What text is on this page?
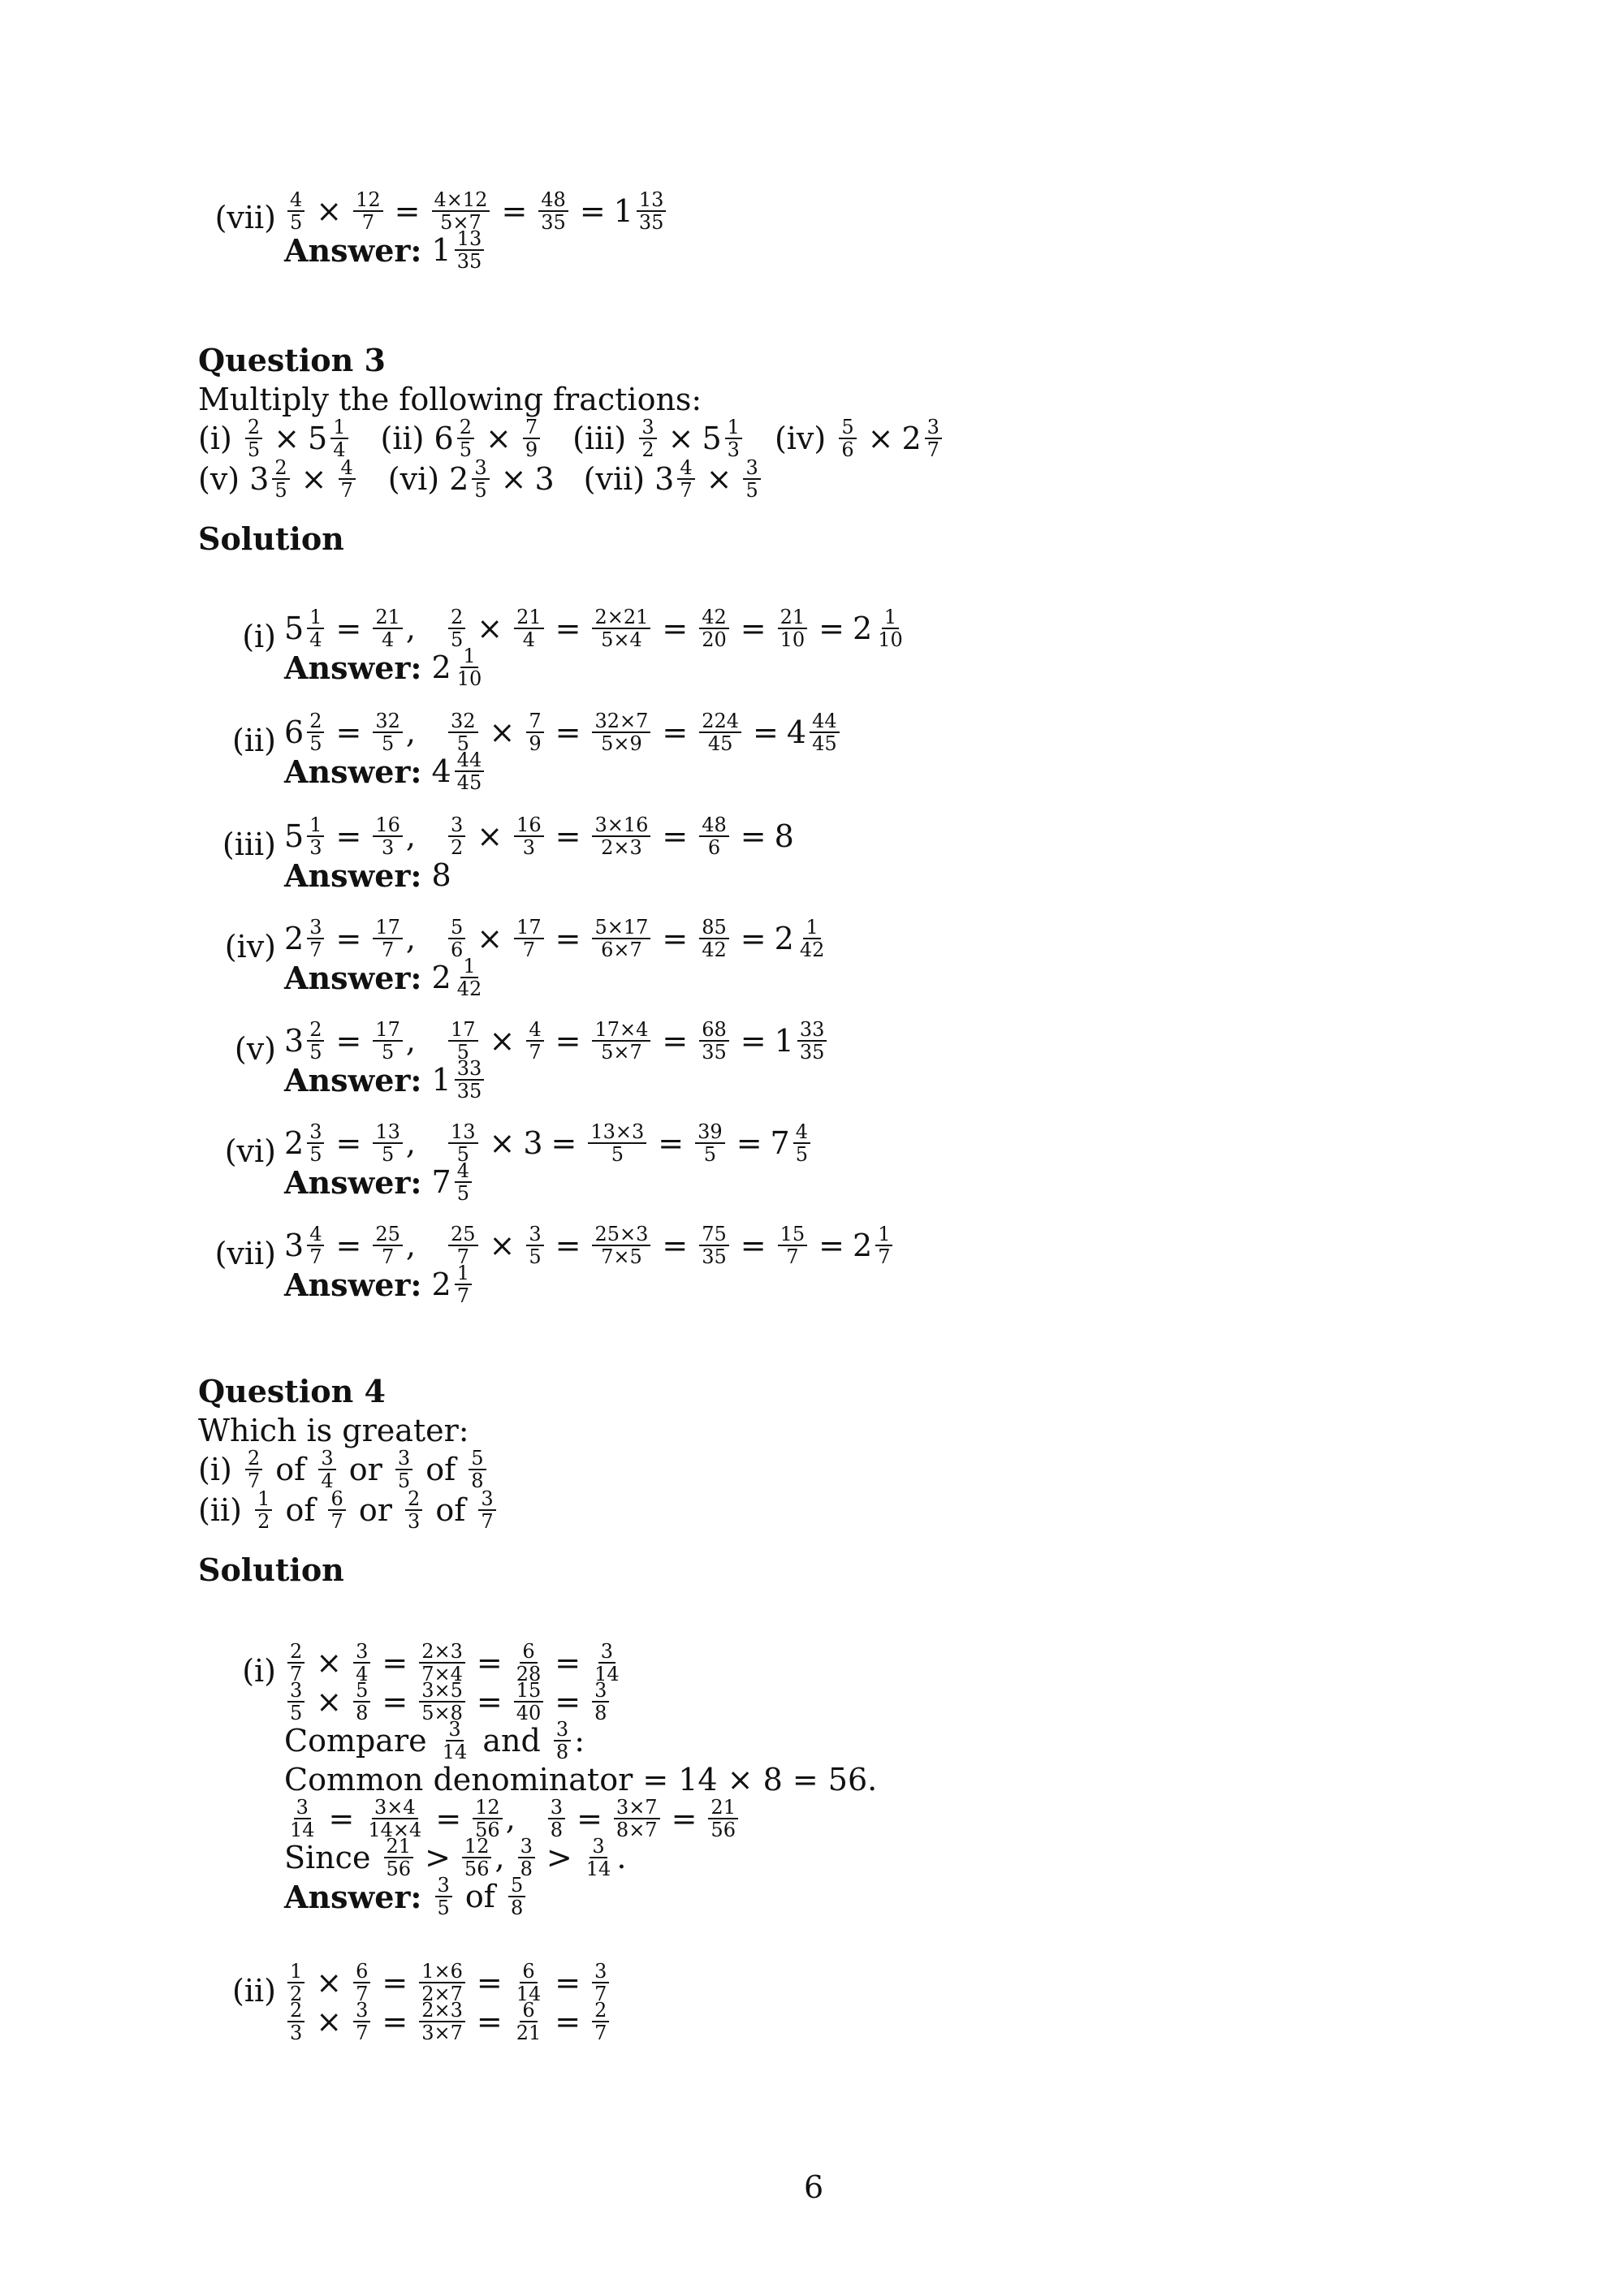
$(vii) \frac{4}{5} \times \frac{12}{7} = \frac{4\times 12}{5\times 7} = \frac{48}{35} = 1 \frac{13}{35}$
Answer:
$1 \frac{13}{35}$
Question 3
Multiply the following fractions:
(i)
$\frac{2}{5} \times 5 \frac{1}{4} (ii)$ $6 \frac{2}{5} \times \frac{7}{9} (iii)$
$\frac{3}{2} \times 5 \frac{1}{3} (iv)$
$\frac{5}{6} \times 2 \frac{3}{7}$
(v) $3 \frac{2}{5} \times \frac{4}{7} (vi)$ $2 \frac{3}{5} \times 3$ (vii) $3 \frac{4}{7} \times \frac{3}{5}$
Solution
(i) $5 \frac{1}{4} = \frac{21}{4}$ , $\frac{2}{5} \times \frac{21}{4} = \frac{2\times 21}{5\times 4} = \frac{42}{20} = \frac{21}{10} = 2 \frac{1}{10}$
Answer: $2 \frac{1}{10}$
(ii) $6 \frac{2}{5} = \frac{32}{5}$ , $\frac{32}{5} \times \frac{7}{9} = \frac{32\times 7}{5\times 9} = \frac{224}{45} = 4 \frac{44}{45}$
Answer: $4 \frac{44}{45}$
(iii) $5 \frac{1}{3} = \frac{16}{3}$ , $\frac{3}{2} \times \frac{16}{3} = \frac{3\times 16}{2\times 3} = \frac{48}{6} = 8$
Answer: 8
(iv) $2 \frac{3}{7} = \frac{17}{7}$ , $\frac{5}{6} \times \frac{17}{7} = \frac{5\times 17}{6\times 7} = \frac{85}{42} = 2 \frac{1}{42}$
Answer: $2 \frac{1}{42}$
(v) $3 \frac{2}{5} = \frac{17}{5}$ , $\frac{17}{5} \times \frac{4}{7} = \frac{17\times 4}{5\times 7} = \frac{68}{35} = 1 \frac{33}{35}$
Answer: $1 \frac{33}{35}$
(vi) $2 \frac{3}{5} = \frac{13}{5}$ , $\frac{13}{5} \times 3 = \frac{13\times 3}{5} = \frac{39}{5} = 7 \frac{4}{5}$
Answer: $7 \frac{4}{5}$
(vii) $3 \frac{4}{7} = \frac{25}{7}$ , $\frac{25}{7} \times \frac{3}{5} = \frac{25\times 3}{7\times 5} = \frac{75}{35} = \frac{15}{7} = 2 \frac{1}{7}$
Answer: $2 \frac{1}{7}$
Question 4
Which is greater:
(i)
$\frac{2}{7}$
of
$\frac{3}{4}$
or
$\frac{3}{5}$
of
$\frac{5}{8}$
(ii)
$\frac{1}{2}$
of
$\frac{6}{7}$
or
$\frac{2}{3}$
of
$\frac{3}{7}$
Solution
$(i) \frac{2}{7} \times \frac{3}{4} = \frac{2\times 3}{7\times 4} = \frac{6}{28} = \frac{3}{14}$
$\frac{3}{5} \times \frac{5}{8} = \frac{3\times 5}{5\times 8} = \frac{15}{40} = \frac{3}{8}$
Compare
$\frac{3}{14}$
and
$\frac{3}{8}$ :
Common denominator = 14 × 8 = 56.
$\frac{3}{14} = \frac{3\times 4}{14\times 4} = \frac{12}{56}$ , $\frac{3}{8} = \frac{3\times 7}{8\times 7} = \frac{21}{56}$
Since
$\frac{21}{56} > \frac{12}{56}$ , $\frac{3}{8} > \frac{3}{14}$ .
Answer:
$\frac{3}{5}$
of
$\frac{5}{8}$
$(ii) \frac{1}{2} \times \frac{6}{7} = \frac{1\times 6}{2\times 7} = \frac{6}{14} = \frac{3}{7}$
$\frac{2}{3} \times \frac{3}{7} = \frac{2\times 3}{3\times 7} = \frac{6}{21} = \frac{2}{7}$
6
